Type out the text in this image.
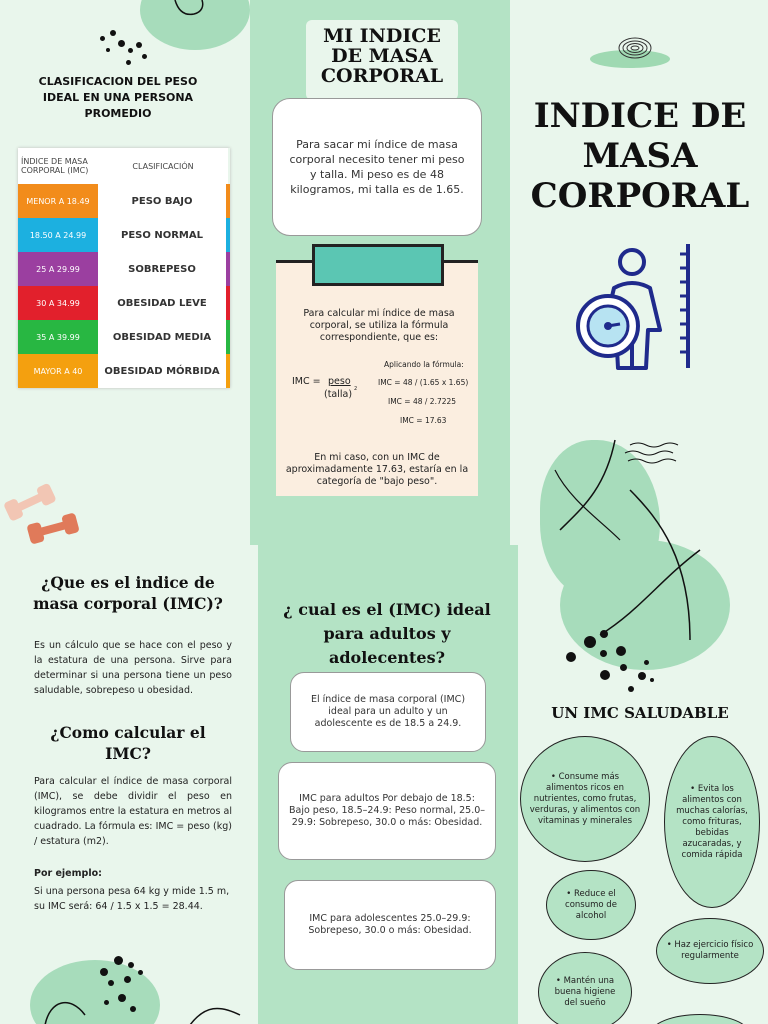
CLASIFICACION DEL PESO IDEAL EN UNA PERSONA PROMEDIO
ÍNDICE DE MASA CORPORAL (IMC)	CLASIFICACIÓN
MENOR A 18.49	PESO BAJO
18.50 A 24.99	PESO NORMAL
25 A 29.99	SOBREPESO
30 A 34.99	OBESIDAD LEVE
35 A 39.99	OBESIDAD MEDIA
MAYOR A 40	OBESIDAD MÓRBIDA
MI INDICE DE MASA CORPORAL
Para sacar mi índice de masa corporal necesito tener mi peso y talla. Mi peso es de 48 kilogramos, mi talla es de 1.65.
Para calcular mi índice de masa corporal, se utiliza la fórmula correspondiente, que es:
IMC = peso
(talla) 2
Aplicando la fórmula:
IMC = 48 / (1.65 x 1.65)
IMC = 48 / 2.7225
IMC = 17.63
En mi caso, con un IMC de aproximadamente 17.63, estaría en la categoría de "bajo peso".
INDICE DE MASA CORPORAL
¿Que es el indice de masa corporal (IMC)?
Es un cálculo que se hace con el peso y la estatura de una persona. Sirve para determinar si una persona tiene un peso saludable, sobrepeso u obesidad.
¿Como calcular el IMC?
Para calcular el índice de masa corporal (IMC), se debe dividir el peso en kilogramos entre la estatura en metros al cuadrado. La fórmula es: IMC = peso (kg) / estatura (m2).
Por ejemplo:
Si una persona pesa 64 kg y mide 1.5 m, su IMC será: 64 / 1.5 x 1.5 = 28.44.
¿ cual es el (IMC) ideal para adultos y adolecentes?
El índice de masa corporal (IMC) ideal para un adulto y un adolescente es de 18.5 a 24.9.
IMC para adultos Por debajo de 18.5: Bajo peso, 18.5–24.9: Peso normal, 25.0–29.9: Sobrepeso, 30.0 o más: Obesidad.
IMC para adolescentes 25.0–29.9: Sobrepeso, 30.0 o más: Obesidad.
UN IMC SALUDABLE
• Consume más alimentos ricos en nutrientes, como frutas, verduras, y alimentos con vitaminas y minerales
• Evita los alimentos con muchas calorías, como frituras, bebidas azucaradas, y comida rápida
• Reduce el consumo de alcohol
• Haz ejercicio físico regularmente
• Mantén una buena higiene del sueño
